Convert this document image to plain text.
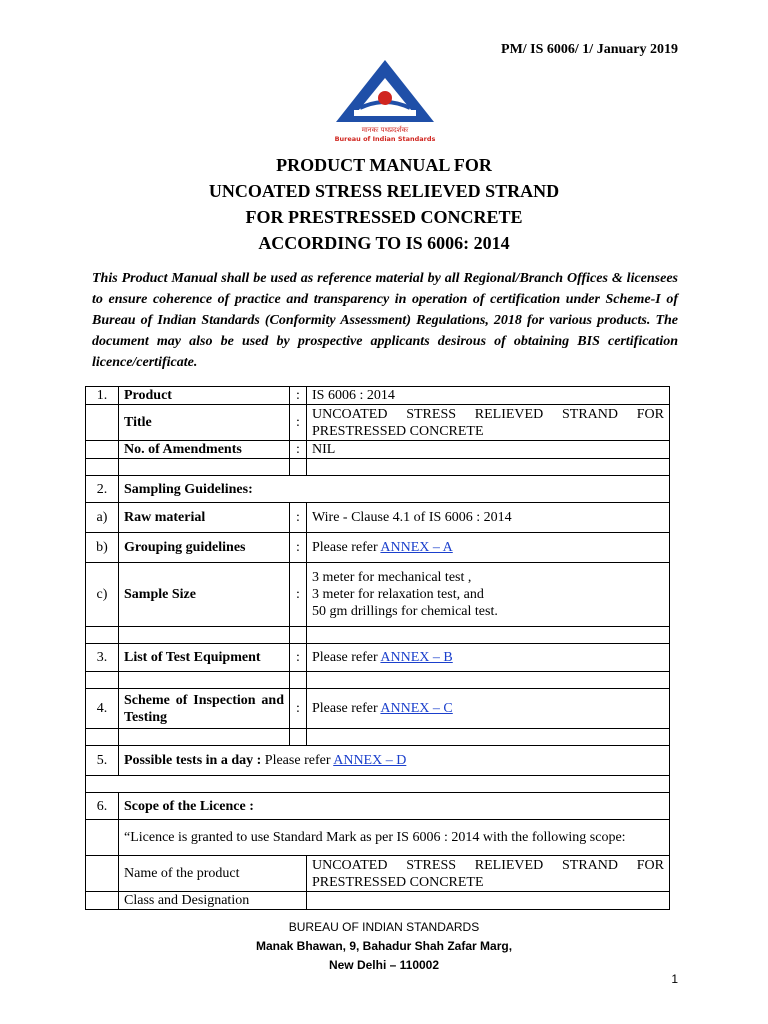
PM/ IS 6006/ 1/ January 2019
मानकः पथप्रदर्शकः
Bureau of Indian Standards
PRODUCT MANUAL FOR
UNCOATED STRESS RELIEVED STRAND
FOR PRESTRESSED CONCRETE
ACCORDING TO IS 6006: 2014
This Product Manual shall be used as reference material by all Regional/Branch Offices & licensees to ensure coherence of practice and transparency in operation of certification under Scheme-I of Bureau of Indian Standards (Conformity Assessment) Regulations, 2018 for various products. The document may also be used by prospective applicants desirous of obtaining BIS certification licence/certificate.
1.	Product	:	IS 6006 : 2014
	Title	:	UNCOATED STRESS RELIEVED STRAND FOR PRESTRESSED CONCRETE
	No. of Amendments	:	NIL

2.	Sampling Guidelines:		
a)	Raw material	:	Wire - Clause 4.1 of IS 6006 : 2014
b)	Grouping guidelines	:	Please refer ANNEX – A
c)	Sample Size	:	3 meter for mechanical test ,
3 meter for relaxation test, and
50 gm drillings for chemical test.

3.	List of Test Equipment	:	Please refer ANNEX – B

4.	Scheme of Inspection and Testing	:	Please refer ANNEX – C

5.	Possible tests in a day : Please refer ANNEX – D		

6.	Scope of the Licence :		
	“Licence is granted to use Standard Mark as per IS 6006 : 2014 with the following scope:		
	Name of the product		UNCOATED STRESS RELIEVED STRAND FOR PRESTRESSED CONCRETE
	Class and Designation		
BUREAU OF INDIAN STANDARDS
Manak Bhawan, 9, Bahadur Shah Zafar Marg,
New Delhi – 110002
1
